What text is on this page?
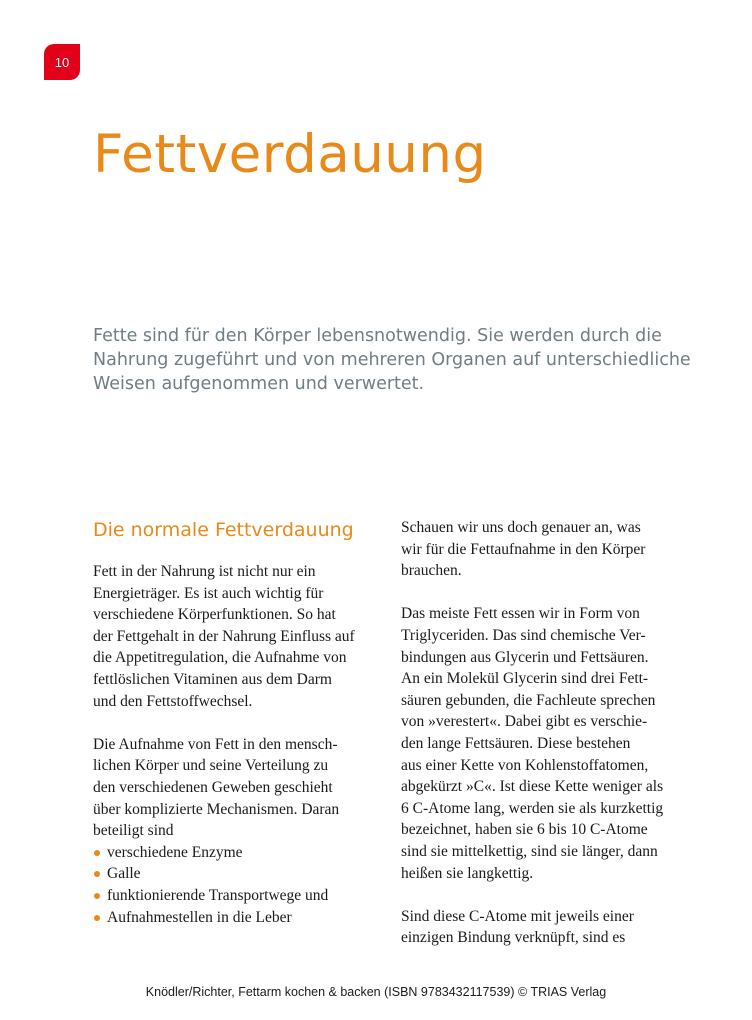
10
Fettverdauung

Fette sind für den Körper lebensnotwendig. Sie werden durch die
Nahrung zugeführt und von mehreren Organen auf unterschiedliche
Weisen aufgenommen und verwertet.

Die normale Fettverdauung

Fett in der Nahrung ist nicht nur ein
Energieträger. Es ist auch wichtig für
verschiedene Körperfunktionen. So hat
der Fettgehalt in der Nahrung Einfluss auf
die Appetitregulation, die Aufnahme von
fettlöslichen Vitaminen aus dem Darm
und den Fettstoffwechsel.

Die Aufnahme von Fett in den mensch-
lichen Körper und seine Verteilung zu
den verschiedenen Geweben geschieht
über komplizierte Mechanismen. Daran
beteiligt sind

verschiedene Enzyme
Galle
funktionierende Transportwege und
Aufnahmestellen in die Leber

Schauen wir uns doch genauer an, was
wir für die Fettaufnahme in den Körper
brauchen.

Das meiste Fett essen wir in Form von
Triglyceriden. Das sind chemische Ver-
bindungen aus Glycerin und Fettsäuren.
An ein Molekül Glycerin sind drei Fett-
säuren gebunden, die Fachleute sprechen
von »verestert«. Dabei gibt es verschie-
den lange Fettsäuren. Diese bestehen
aus einer Kette von Kohlenstoffatomen,
abgekürzt »C«. Ist diese Kette weniger als
6 C-Atome lang, werden sie als kurzkettig
bezeichnet, haben sie 6 bis 10 C-Atome
sind sie mittelkettig, sind sie länger, dann
heißen sie langkettig.

Sind diese C-Atome mit jeweils einer
einzigen Bindung verknüpft, sind es

Knödler/Richter, Fettarm kochen & backen (ISBN 9783432117539) © TRIAS Verlag
